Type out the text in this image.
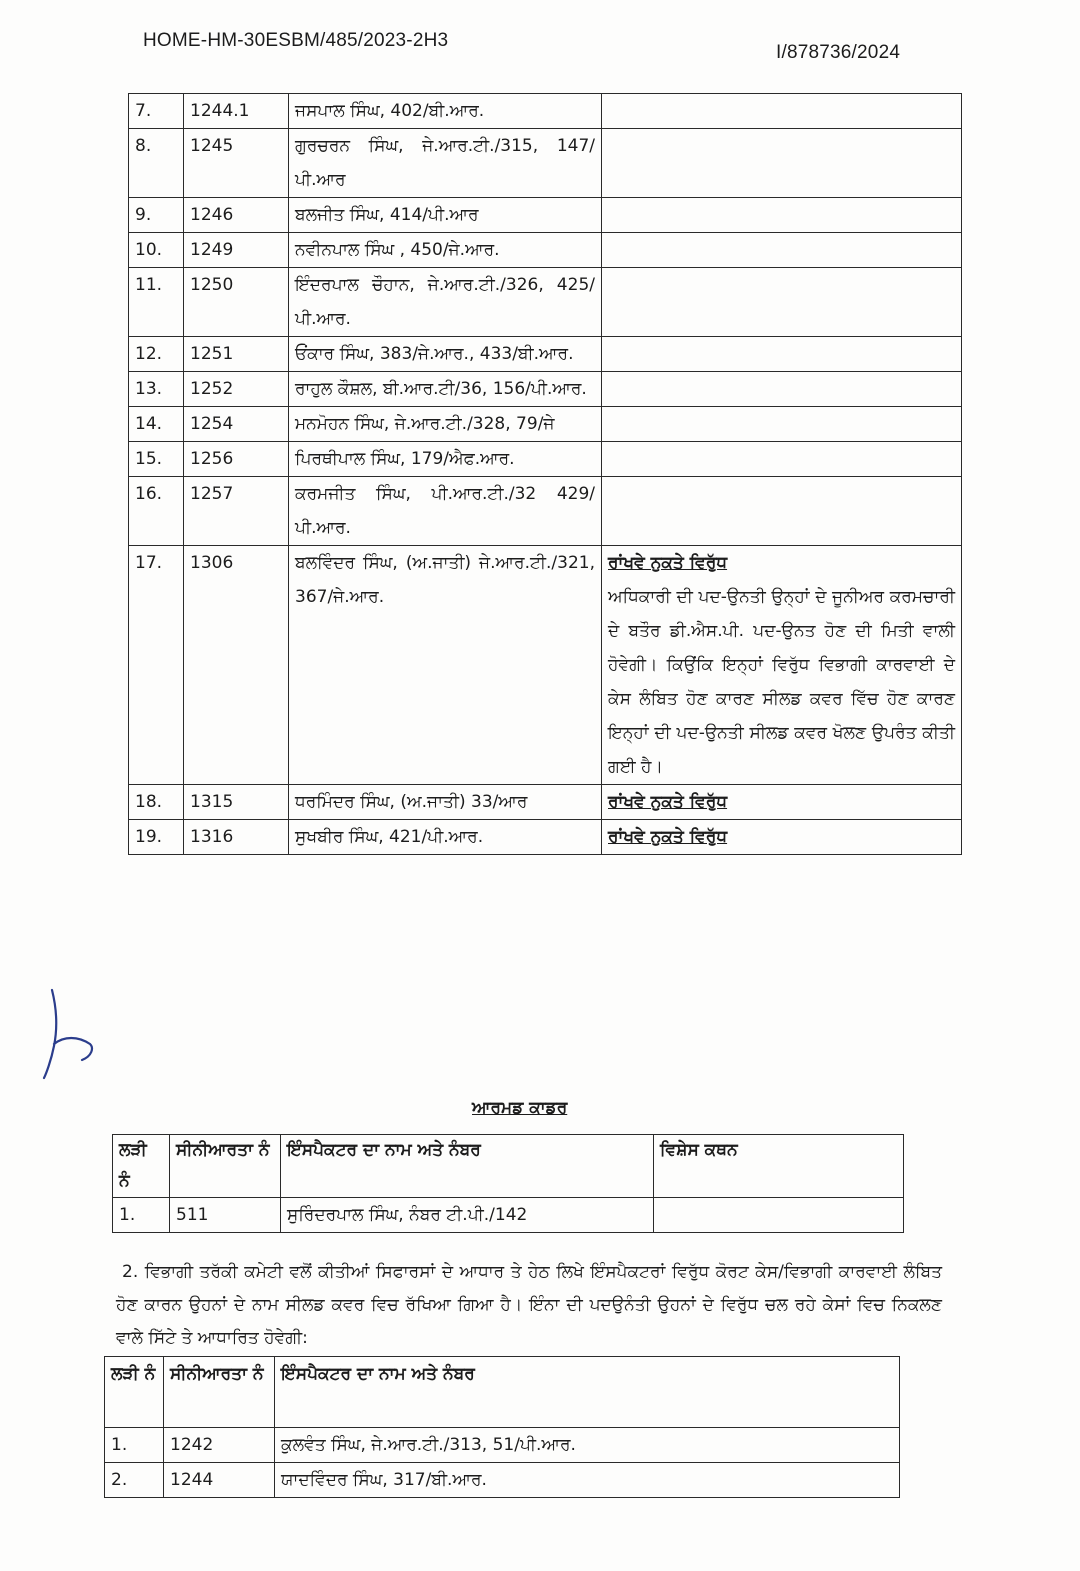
HOME-HM-30ESBM/485/2023-2H3
I/878736/2024
7.	1244.1	ਜਸਪਾਲ ਸਿੰਘ, 402/ਬੀ.ਆਰ.	
8.	1245	ਗੁਰਚਰਨ ਸਿੰਘ, ਜੇ.ਆਰ.ਟੀ./315, 147/ਪੀ.ਆਰ	
9.	1246	ਬਲਜੀਤ ਸਿੰਘ, 414/ਪੀ.ਆਰ	
10.	1249	ਨਵੀਨਪਾਲ ਸਿੰਘ , 450/ਜੇ.ਆਰ.	
11.	1250	ਇੰਦਰਪਾਲ ਚੌਹਾਨ, ਜੇ.ਆਰ.ਟੀ./326, 425/ਪੀ.ਆਰ.	
12.	1251	ਓਂਕਾਰ ਸਿੰਘ, 383/ਜੇ.ਆਰ., 433/ਬੀ.ਆਰ.	
13.	1252	ਰਾਹੁਲ ਕੌਸ਼ਲ, ਬੀ.ਆਰ.ਟੀ/36, 156/ਪੀ.ਆਰ.	
14.	1254	ਮਨਮੋਹਨ ਸਿੰਘ, ਜੇ.ਆਰ.ਟੀ./328, 79/ਜੇ	
15.	1256	ਪਿਰਥੀਪਾਲ ਸਿੰਘ, 179/ਐਫ.ਆਰ.	
16.	1257	ਕਰਮਜੀਤ ਸਿੰਘ, ਪੀ.ਆਰ.ਟੀ./32 429/ ਪੀ.ਆਰ.	
17.	1306	ਬਲਵਿੰਦਰ ਸਿੰਘ, (ਅ.ਜਾਤੀ) ਜੇ.ਆਰ.ਟੀ./321, 367/ਜੇ.ਆਰ.	ਰਾਂਖਵੇ ਨੁਕਤੇ ਵਿਰੁੱਧ
ਅਧਿਕਾਰੀ ਦੀ ਪਦ-ਉਨਤੀ ਉਨ੍ਹਾਂ ਦੇ ਜੂਨੀਅਰ ਕਰਮਚਾਰੀ ਦੇ ਬਤੌਰ ਡੀ.ਐਸ.ਪੀ. ਪਦ-ਉਨਤ ਹੋਣ ਦੀ ਮਿਤੀ ਵਾਲੀ ਹੋਵੇਗੀ। ਕਿਉਂਕਿ ਇਨ੍ਹਾਂ ਵਿਰੁੱਧ ਵਿਭਾਗੀ ਕਾਰਵਾਈ ਦੇ ਕੇਸ ਲੰਬਿਤ ਹੋਣ ਕਾਰਣ ਸੀਲਡ ਕਵਰ ਵਿੱਚ ਹੋਣ ਕਾਰਣ ਇਨ੍ਹਾਂ ਦੀ ਪਦ-ਉਨਤੀ ਸੀਲਡ ਕਵਰ ਖੋਲਣ ਉਪਰੰਤ ਕੀਤੀ ਗਈ ਹੈ।

18.	1315	ਧਰਮਿੰਦਰ ਸਿੰਘ, (ਅ.ਜਾਤੀ) 33/ਆਰ	ਰਾਂਖਵੇ ਨੁਕਤੇ ਵਿਰੁੱਧ
19.	1316	ਸੁਖਬੀਰ ਸਿੰਘ, 421/ਪੀ.ਆਰ.	ਰਾਂਖਵੇ ਨੁਕਤੇ ਵਿਰੁੱਧ
ਆਰਮਡ ਕਾਡਰ
ਲੜੀ ਨੰ	ਸੀਨੀਆਰਤਾ ਨੰ	ਇੰਸਪੈਕਟਰ ਦਾ ਨਾਮ ਅਤੇ ਨੰਬਰ	ਵਿਸ਼ੇਸ ਕਥਨ
1.	511	ਸੁਰਿੰਦਰਪਾਲ ਸਿੰਘ, ਨੰਬਰ ਟੀ.ਪੀ./142	
2. ਵਿਭਾਗੀ ਤਰੱਕੀ ਕਮੇਟੀ ਵਲੋਂ ਕੀਤੀਆਂ ਸਿਫਾਰਸਾਂ ਦੇ ਆਧਾਰ ਤੇ ਹੇਠ ਲਿਖੇ ਇੰਸਪੈਕਟਰਾਂ ਵਿਰੁੱਧ ਕੋਰਟ ਕੇਸ/ਵਿਭਾਗੀ ਕਾਰਵਾਈ ਲੰਬਿਤ ਹੋਣ ਕਾਰਨ ਉਹਨਾਂ ਦੇ ਨਾਮ ਸੀਲਡ ਕਵਰ ਵਿਚ ਰੱਖਿਆ ਗਿਆ ਹੈ। ਇੰਨਾ ਦੀ ਪਦਉਨੰਤੀ ਉਹਨਾਂ ਦੇ ਵਿਰੁੱਧ ਚਲ ਰਹੇ ਕੇਸਾਂ ਵਿਚ ਨਿਕਲਣ ਵਾਲੇ ਸਿੱਟੇ ਤੇ ਆਧਾਰਿਤ ਹੋਵੇਗੀ:
ਲੜੀ ਨੰ	ਸੀਨੀਆਰਤਾ ਨੰ	ਇੰਸਪੈਕਟਰ ਦਾ ਨਾਮ ਅਤੇ ਨੰਬਰ
1.	1242	ਕੁਲਵੰਤ ਸਿੰਘ, ਜੇ.ਆਰ.ਟੀ./313, 51/ਪੀ.ਆਰ.
2.	1244	ਯਾਦਵਿੰਦਰ ਸਿੰਘ, 317/ਬੀ.ਆਰ.
